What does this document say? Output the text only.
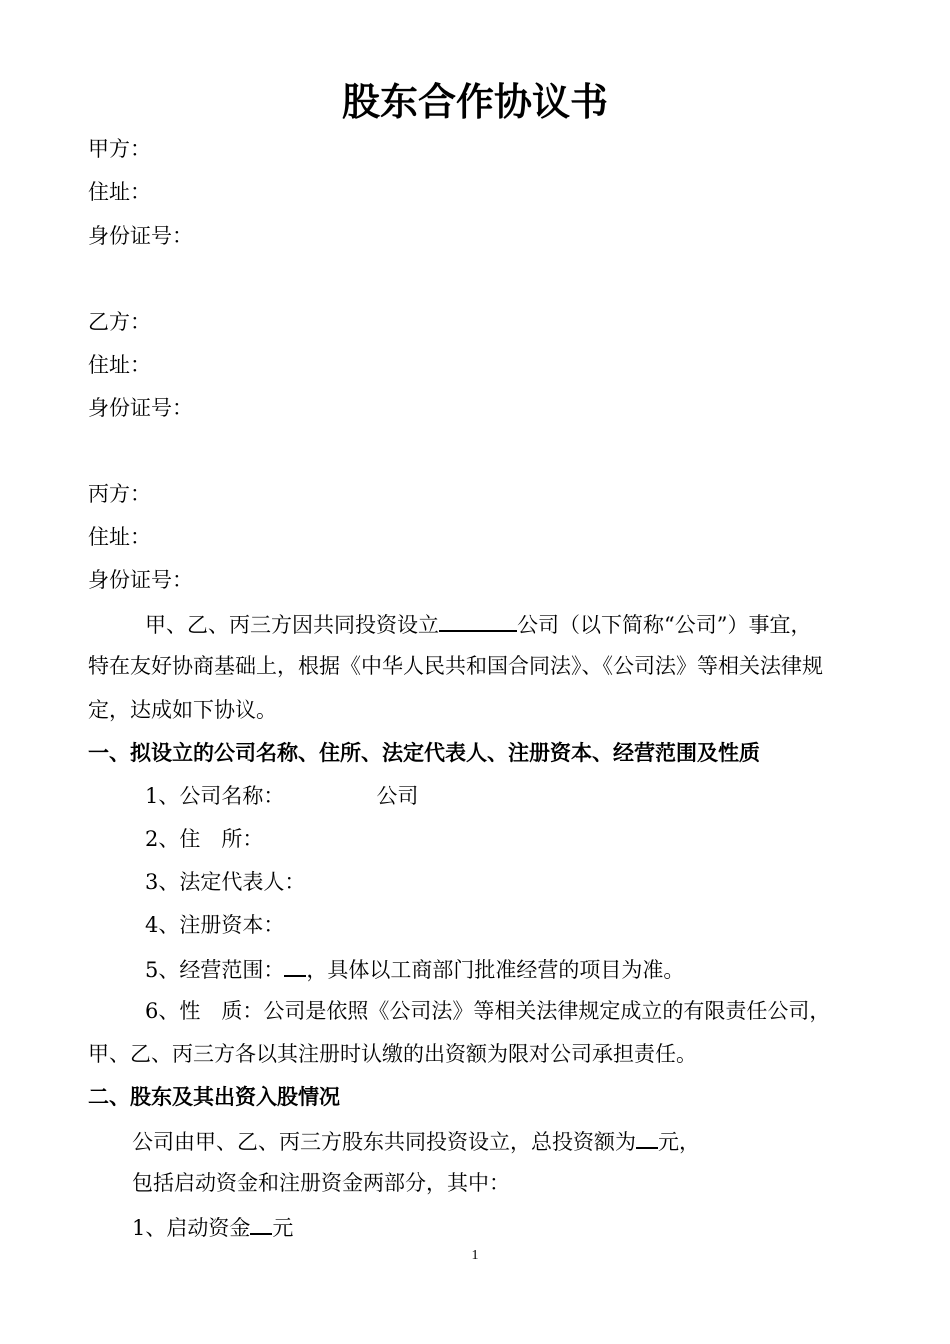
股东合作协议书
甲方：
住址：
身份证号：
乙方：
住址：
身份证号：
丙方：
住址：
身份证号：
甲、乙、丙三方因共同投资设立	公司（以下简称“公司”）事宜，
特在友好协商基础上，根据《中华人民共和国合同法》、《公司法》等相关法律规
定，达成如下协议。
一、拟设立的公司名称、住所、法定代表人、注册资本、经营范围及性质
1、公司名称：	公司
2、住　所：
3、法定代表人：
4、注册资本：
5、经营范围： ，具体以工商部门批准经营的项目为准。
6、性　质：公司是依照《公司法》等相关法律规定成立的有限责任公司，
甲、乙、丙三方各以其注册时认缴的出资额为限对公司承担责任。
二、股东及其出资入股情况
公司由甲、乙、丙三方股东共同投资设立，总投资额为 元，
包括启动资金和注册资金两部分，其中：
1、启动资金 元
1
